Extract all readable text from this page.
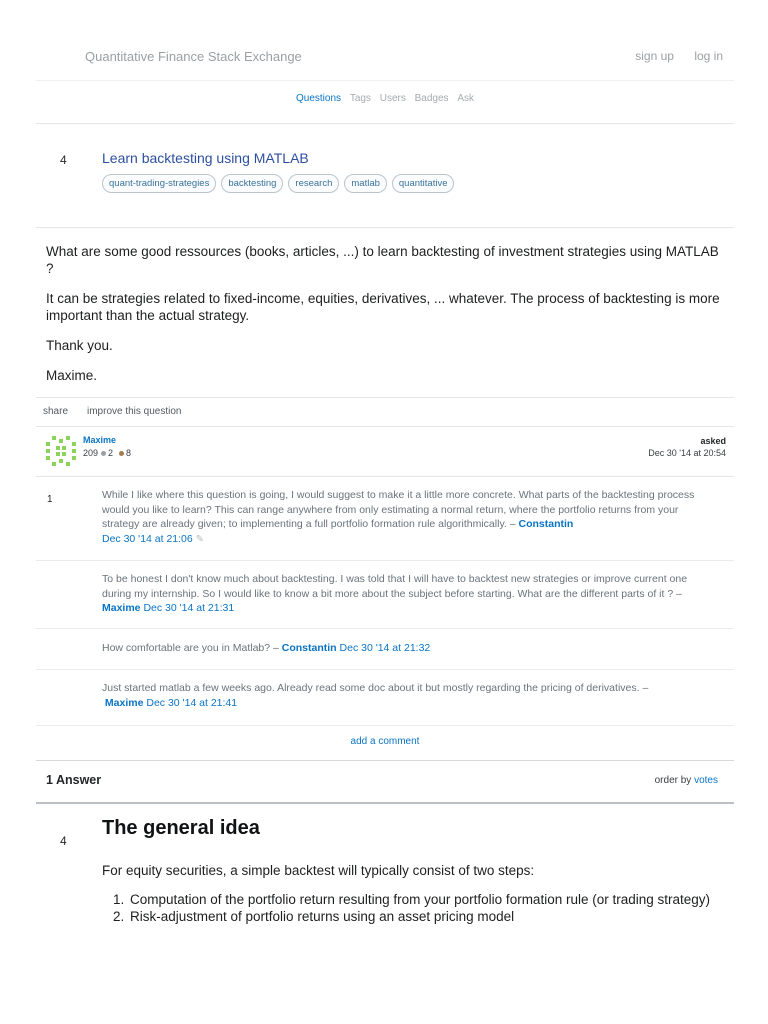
Quantitative Finance Stack Exchange	sign up log in
Questions Tags Users Badges Ask
4	Learn backtesting using MATLAB
quant-trading-strategies	backtesting	research	matlab	quantitative

What are some good ressources (books, articles, ...) to learn backtesting of investment strategies using MATLAB ?

It can be strategies related to fixed-income, equities, derivatives, ... whatever. The process of backtesting is more important than the actual strategy.

Thank you.

Maxime.

share improve this question
Maxime
209 2 8
asked
Dec 30 '14 at 20:54
1	While I like where this question is going, I would suggest to make it a little more concrete. What parts of the backtesting process would you like to learn? This can range anywhere from only estimating a normal return, where the portfolio returns from your strategy are already given; to implementing a full portfolio formation rule algorithmically. – Constantin
Dec 30 '14 at 21:06 ✎
To be honest I don't know much about backtesting. I was told that I will have to backtest new strategies or improve current one during my internship. So I would like to know a bit more about the subject before starting. What are the different parts of it ? – Maxime Dec 30 '14 at 21:31
How comfortable are you in Matlab? – Constantin Dec 30 '14 at 21:32
Just started matlab a few weeks ago. Already read some doc about it but mostly regarding the pricing of derivatives. –
Maxime Dec 30 '14 at 21:41
add a comment
1 Answer	order by votes
4
The general idea

For equity securities, a simple backtest will typically consist of two steps:

1. Computation of the portfolio return resulting from your portfolio formation rule (or trading strategy)
2. Risk-adjustment of portfolio returns using an asset pricing model
